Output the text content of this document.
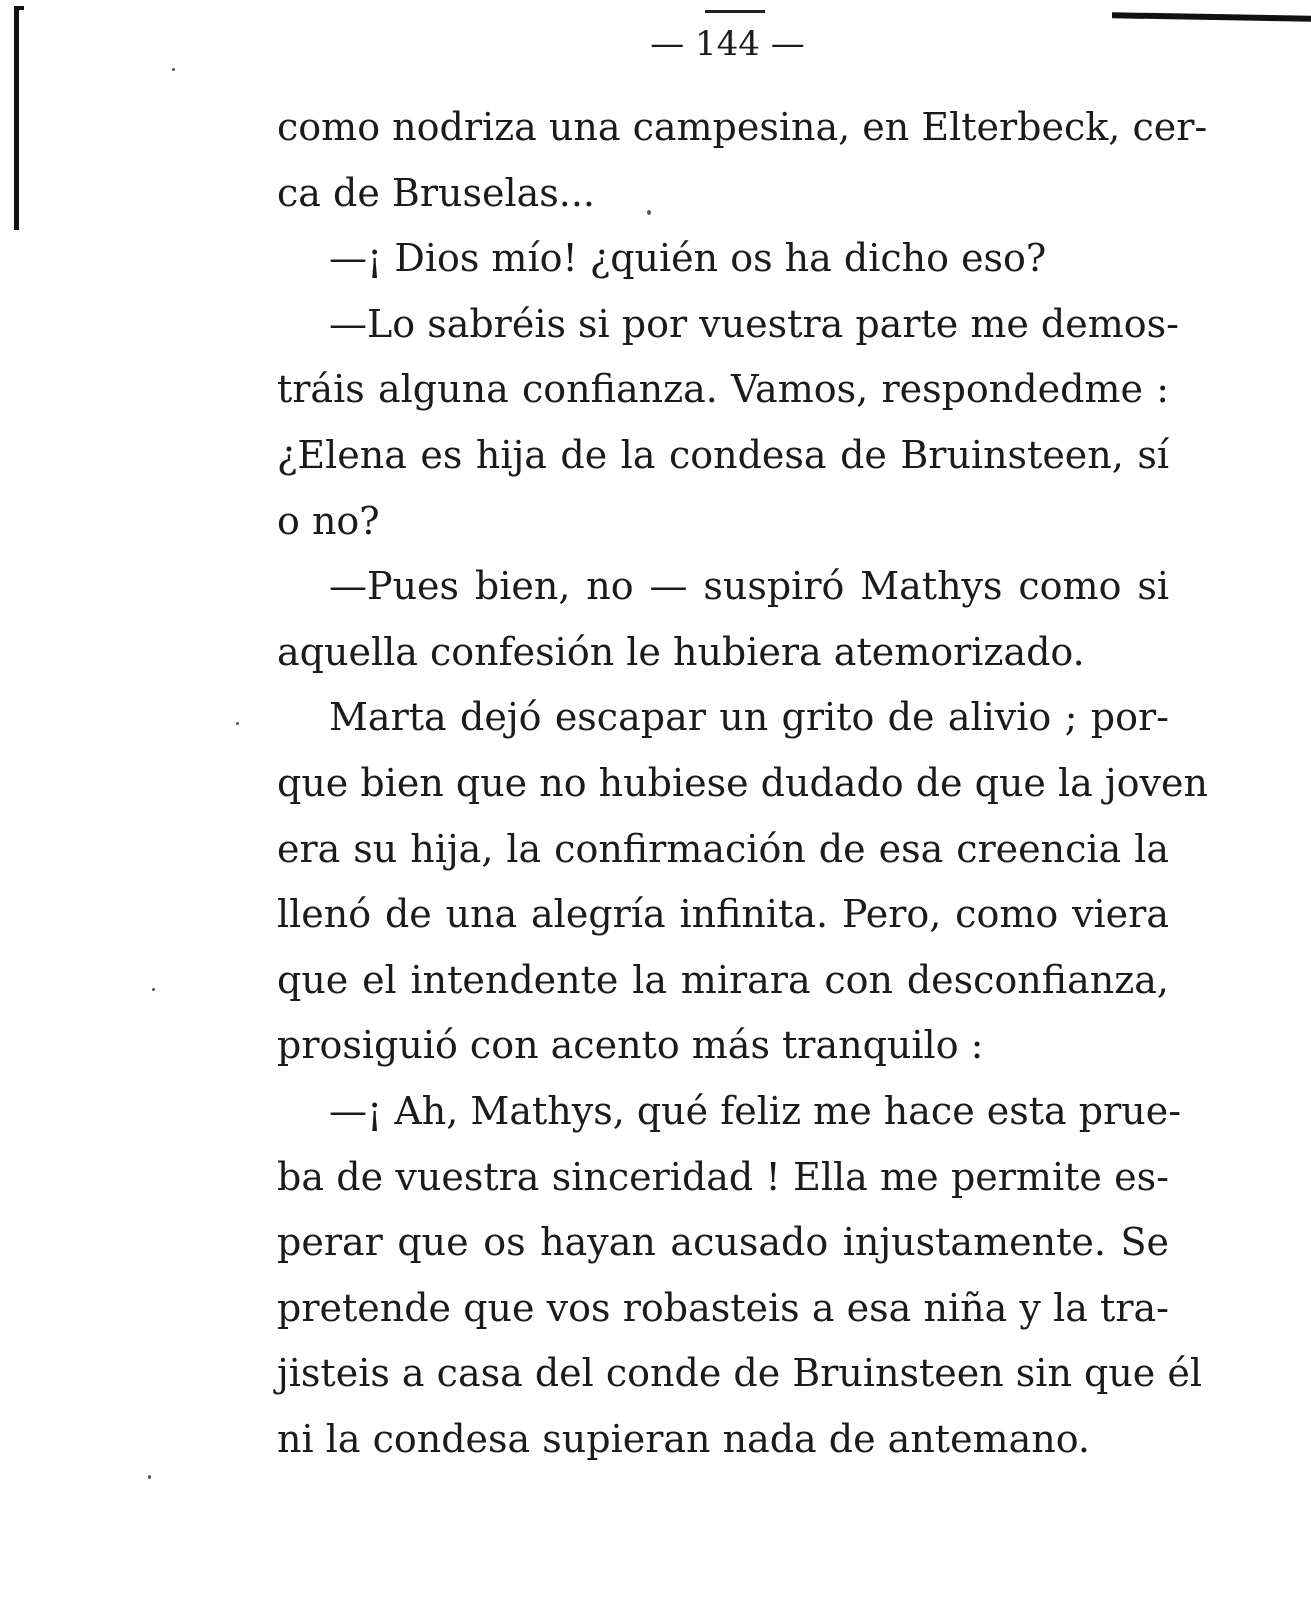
— 144 —

como nodriza una campesina, en Elterbeck, cer-
ca de Bruselas...

—¡ Dios mío! ¿quién os ha dicho eso?

—Lo sabréis si por vuestra parte me demos-
tráis alguna confianza. Vamos, respondedme :
¿Elena es hija de la condesa de Bruinsteen, sí
o no?

—Pues bien, no — suspiró Mathys como si
aquella confesión le hubiera atemorizado.

Marta dejó escapar un grito de alivio ; por-
que bien que no hubiese dudado de que la joven
era su hija, la confirmación de esa creencia la
llenó de una alegría infinita. Pero, como viera
que el intendente la mirara con desconfianza,
prosiguió con acento más tranquilo :

—¡ Ah, Mathys, qué feliz me hace esta prue-
ba de vuestra sinceridad ! Ella me permite es-
perar que os hayan acusado injustamente. Se
pretende que vos robasteis a esa niña y la tra-
jisteis a casa del conde de Bruinsteen sin que él
ni la condesa supieran nada de antemano.
